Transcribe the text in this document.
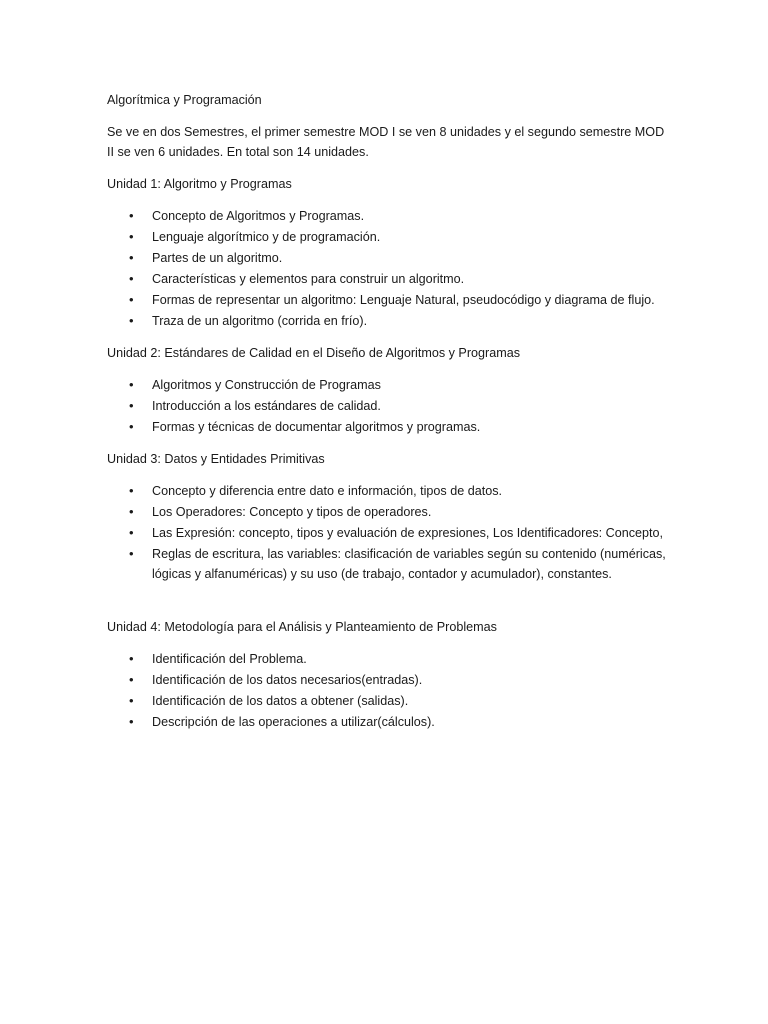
Algorítmica y Programación

Se ve en dos Semestres, el primer semestre MOD I se ven 8 unidades y el segundo semestre MOD II se ven 6 unidades. En total son 14 unidades.

Unidad 1: Algoritmo y Programas

• Concepto de Algoritmos y Programas.
• Lenguaje algorítmico y de programación.
• Partes de un algoritmo.
• Características y elementos para construir un algoritmo.
• Formas de representar un algoritmo: Lenguaje Natural, pseudocódigo y diagrama de flujo.
• Traza de un algoritmo (corrida en frío).

Unidad 2: Estándares de Calidad en el Diseño de Algoritmos y Programas

• Algoritmos y Construcción de Programas
• Introducción a los estándares de calidad.
• Formas y técnicas de documentar algoritmos y programas.

Unidad 3: Datos y Entidades Primitivas

• Concepto y diferencia entre dato e información, tipos de datos.
• Los Operadores: Concepto y tipos de operadores.
• Las Expresión: concepto, tipos y evaluación de expresiones, Los Identificadores: Concepto,
• Reglas de escritura, las variables: clasificación de variables según su contenido (numéricas, lógicas y alfanuméricas) y su uso (de trabajo, contador y acumulador), constantes.

Unidad 4: Metodología para el Análisis y Planteamiento de Problemas

• Identificación del Problema.
• Identificación de los datos necesarios(entradas).
• Identificación de los datos a obtener (salidas).
• Descripción de las operaciones a utilizar(cálculos).
